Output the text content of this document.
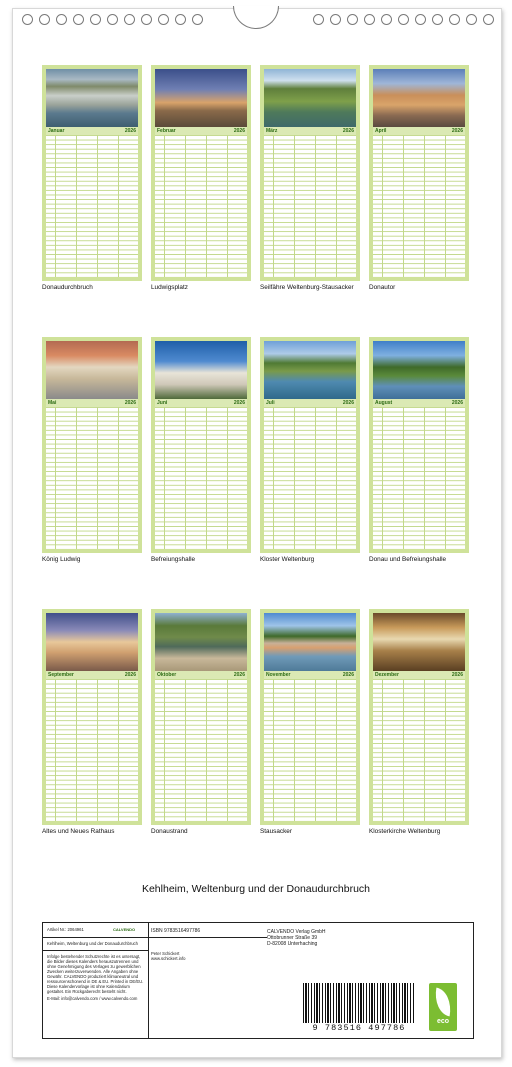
Januar	2026
Donaudurchbruch
Februar	2026
Ludwigsplatz
März	2026
Seilfähre Weltenburg-Stausacker
April	2026
Donautor
Mai	2026
König Ludwig
Juni	2026
Befreiungshalle
Juli	2026
Kloster Weltenburg
August	2026
Donau und Befreiungshalle
September	2026
Altes und Neues Rathaus
Oktober	2026
Donaustrand
November	2026
Stausacker
Dezember	2026
Klosterkirche Weltenburg
Kehlheim, Weltenburg und der Donaudurchbruch
Artikel Nr.: 2064961	CALVENDO
Kehlheim, Weltenburg und der Donaudurchbruch
Infolge bestehender Schutzrechte ist es untersagt, die Bilder dieses Kalenders herauszutrennen und ohne Genehmigung des Verlages zu gewerblichen Zwecken weiterzuverwenden. Alle Angaben ohne Gewähr. CALVENDO produziert klimaneutral und ressourcenschonend in DE & EU. Printed in DE/EU. Diese Kalendervorlage ist ohne Kalendarium gestaltet. Ein Rückgaberecht besteht nicht.
E-Mail: info@calvendo.com / www.calvendo.com
ISBN 9783516497786
Peter Schickert
www.schickert.info
CALVENDO Verlag GmbH
Ottobrunner Straße 39
D-82008 Unterhaching
9 783516 497786
eco
